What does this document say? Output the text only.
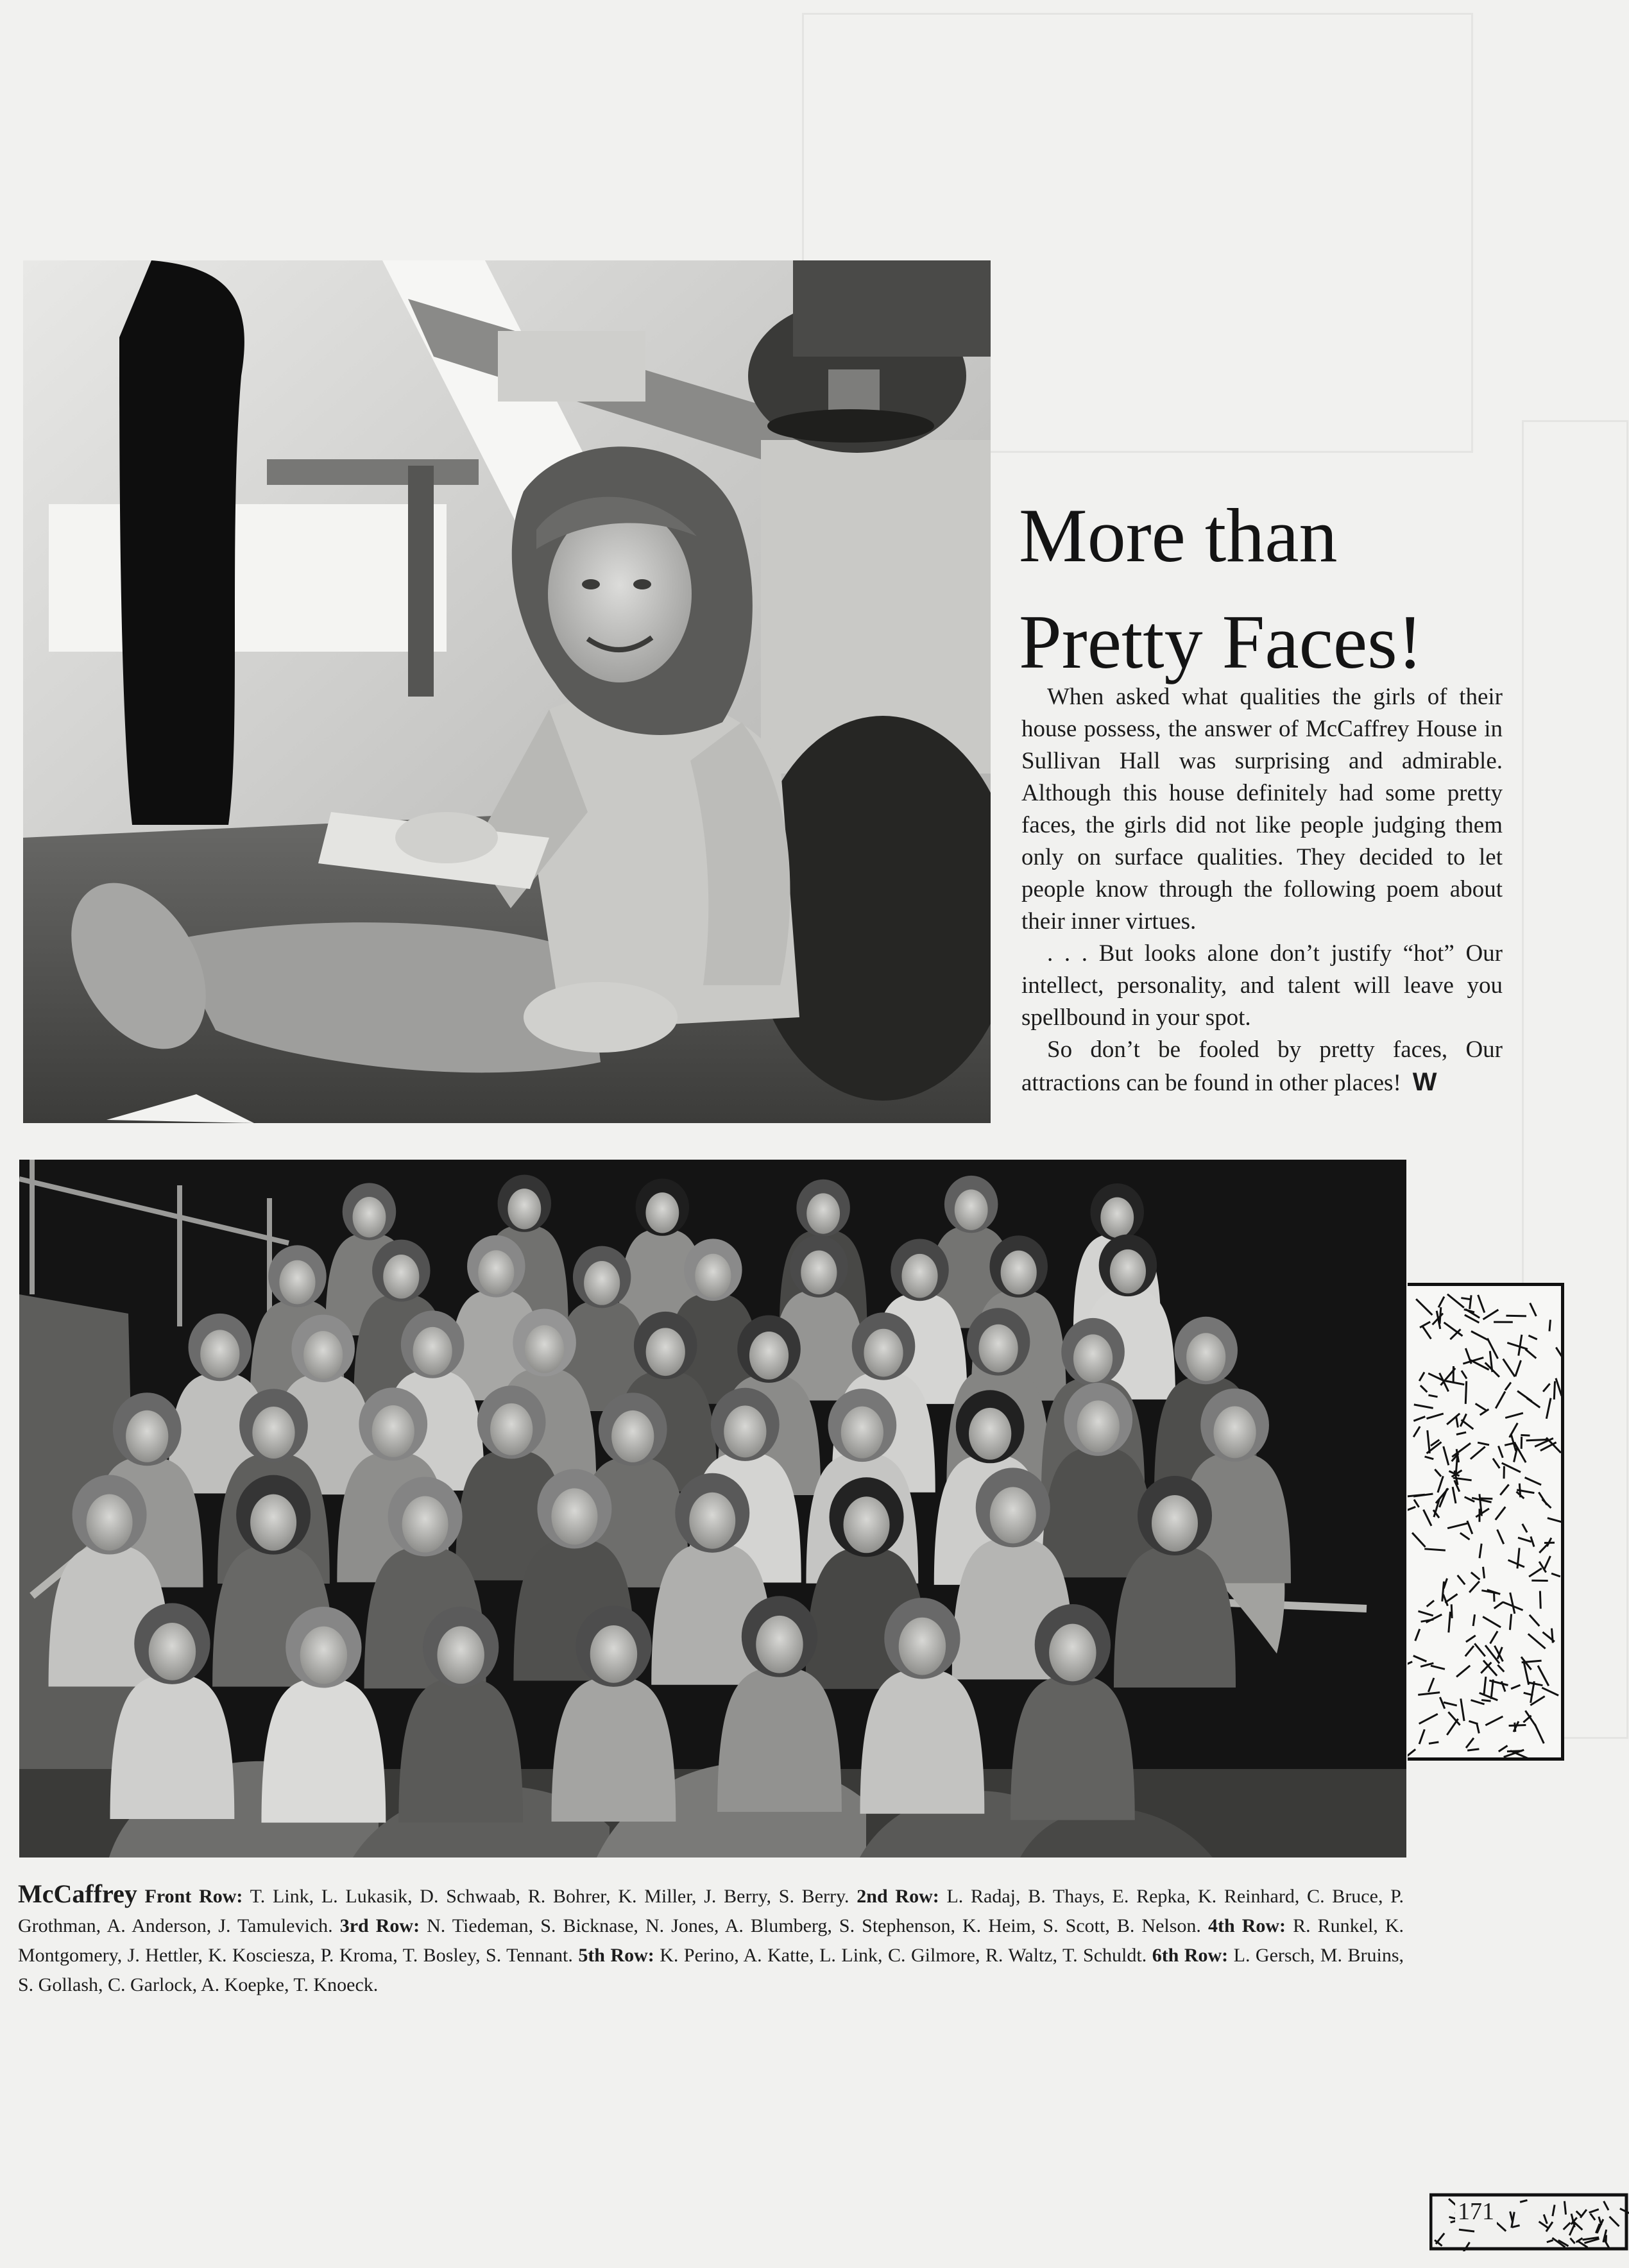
More than
Pretty Faces!

When asked what qualities the girls of their house possess, the answer of McCaffrey House in Sullivan Hall was surprising and admirable. Although this house definitely had some pretty faces, the girls did not like people judging them only on surface qualities. They decided to let people know through the following poem about their inner virtues.

. . . But looks alone don’t justify “hot” Our intellect, personality, and talent will leave you spellbound in your spot.

So don’t be fooled by pretty faces, Our attractions can be found in other places! W

McCaffrey Front Row: T. Link, L. Lukasik, D. Schwaab, R. Bohrer, K. Miller, J. Berry, S. Berry. 2nd Row: L. Radaj, B. Thays, E. Repka, K. Reinhard, C. Bruce, P. Grothman, A. Anderson, J. Tamulevich. 3rd Row: N. Tiedeman, S. Bicknase, N. Jones, A. Blumberg, S. Stephenson, K. Heim, S. Scott, B. Nelson. 4th Row: R. Runkel, K. Montgomery, J. Hettler, K. Kosciesza, P. Kroma, T. Bosley, S. Tennant. 5th Row: K. Perino, A. Katte, L. Link, C. Gilmore, R. Waltz, T. Schuldt. 6th Row: L. Gersch, M. Bruins, S. Gollash, C. Garlock, A. Koepke, T. Knoeck.
171
